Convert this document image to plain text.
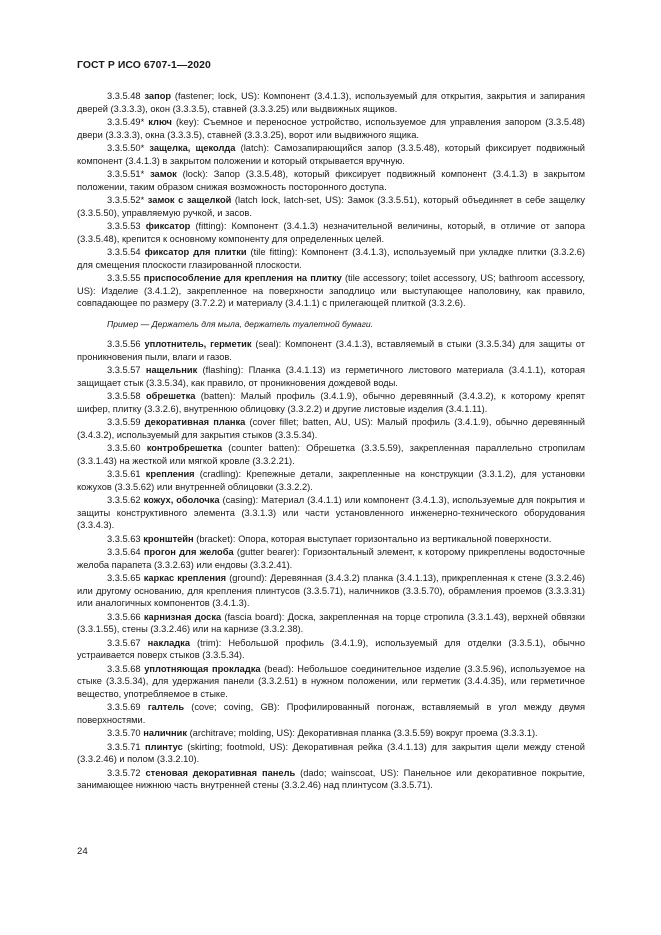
ГОСТ Р ИСО 6707-1—2020

3.3.5.48 запор (fastener; lock, US): Компонент (3.4.1.3), используемый для открытия, закрытия и запирания дверей (3.3.3.3), окон (3.3.3.5), ставней (3.3.3.25) или выдвижных ящиков.

3.3.5.49* ключ (key): Съемное и переносное устройство, используемое для управления запором (3.3.5.48) двери (3.3.3.3), окна (3.3.3.5), ставней (3.3.3.25), ворот или выдвижного ящика.

3.3.5.50* защелка, щеколда (latch): Самозапирающийся запор (3.3.5.48), который фиксирует подвижный компонент (3.4.1.3) в закрытом положении и который открывается вручную.

3.3.5.51* замок (lock): Запор (3.3.5.48), который фиксирует подвижный компонент (3.4.1.3) в закрытом положении, таким образом снижая возможность посторонного доступа.

3.3.5.52* замок с защелкой (latch lock, latch-set, US): Замок (3.3.5.51), который объединяет в себе защелку (3.3.5.50), управляемую ручкой, и засов.

3.3.5.53 фиксатор (fitting): Компонент (3.4.1.3) незначительной величины, который, в отличие от запора (3.3.5.48), крепится к основному компоненту для определенных целей.

3.3.5.54 фиксатор для плитки (tile fitting): Компонент (3.4.1.3), используемый при укладке плитки (3.3.2.6) для смещения плоскости глазированной плоскости.

3.3.5.55 приспособление для крепления на плитку (tile accessory; toilet accessory, US; bathroom accessory, US): Изделие (3.4.1.2), закрепленное на поверхности заподлицо или выступающее наполовину, как правило, совпадающее по размеру (3.7.2.2) и материалу (3.4.1.1) с прилегающей плиткой (3.3.2.6).

Пример — Держатель для мыла, держатель туалетной бумаги.

3.3.5.56 уплотнитель, герметик (seal): Компонент (3.4.1.3), вставляемый в стыки (3.3.5.34) для защиты от проникновения пыли, влаги и газов.

3.3.5.57 нащельник (flashing): Планка (3.4.1.13) из герметичного листового материала (3.4.1.1), которая защищает стык (3.3.5.34), как правило, от проникновения дождевой воды.

3.3.5.58 обрешетка (batten): Малый профиль (3.4.1.9), обычно деревянный (3.4.3.2), к которому крепят шифер, плитку (3.3.2.6), внутреннюю облицовку (3.3.2.2) и другие листовые изделия (3.4.1.11).

3.3.5.59 декоративная планка (cover fillet; batten, AU, US): Малый профиль (3.4.1.9), обычно деревянный (3.4.3.2), используемый для закрытия стыков (3.3.5.34).

3.3.5.60 контробрешетка (counter batten): Обрешетка (3.3.5.59), закрепленная параллельно стропилам (3.3.1.43) на жесткой или мягкой кровле (3.3.2.21).

3.3.5.61 крепления (cradling): Крепежные детали, закрепленные на конструкции (3.3.1.2), для установки кожухов (3.3.5.62) или внутренней облицовки (3.3.2.2).

3.3.5.62 кожух, оболочка (casing): Материал (3.4.1.1) или компонент (3.4.1.3), используемые для покрытия и защиты конструктивного элемента (3.3.1.3) или части установленного инженерно-технического оборудования (3.3.4.3).

3.3.5.63 кронштейн (bracket): Опора, которая выступает горизонтально из вертикальной поверхности.

3.3.5.64 прогон для желоба (gutter bearer): Горизонтальный элемент, к которому прикреплены водосточные желоба парапета (3.3.2.63) или ендовы (3.3.2.41).

3.3.5.65 каркас крепления (ground): Деревянная (3.4.3.2) планка (3.4.1.13), прикрепленная к стене (3.3.2.46) или другому основанию, для крепления плинтусов (3.3.5.71), наличников (3.3.5.70), обрамления проемов (3.3.3.31) или аналогичных компонентов (3.4.1.3).

3.3.5.66 карнизная доска (fascia board): Доска, закрепленная на торце стропила (3.3.1.43), верхней обвязки (3.3.1.55), стены (3.3.2.46) или на карнизе (3.3.2.38).

3.3.5.67 накладка (trim): Небольшой профиль (3.4.1.9), используемый для отделки (3.3.5.1), обычно устраивается поверх стыков (3.3.5.34).

3.3.5.68 уплотняющая прокладка (bead): Небольшое соединительное изделие (3.3.5.96), используемое на стыке (3.3.5.34), для удержания панели (3.3.2.51) в нужном положении, или герметик (3.4.4.35), или герметичное вещество, употребляемое в стыке.

3.3.5.69 галтель (cove; coving, GB): Профилированный погонаж, вставляемый в угол между двумя поверхностями.

3.3.5.70 наличник (architrave; molding, US): Декоративная планка (3.3.5.59) вокруг проема (3.3.3.1).

3.3.5.71 плинтус (skirting; footmold, US): Декоративная рейка (3.4.1.13) для закрытия щели между стеной (3.3.2.46) и полом (3.3.2.10).

3.3.5.72 стеновая декоративная панель (dado; wainscoat, US): Панельное или декоративное покрытие, занимающее нижнюю часть внутренней стены (3.3.2.46) над плинтусом (3.3.5.71).

24
